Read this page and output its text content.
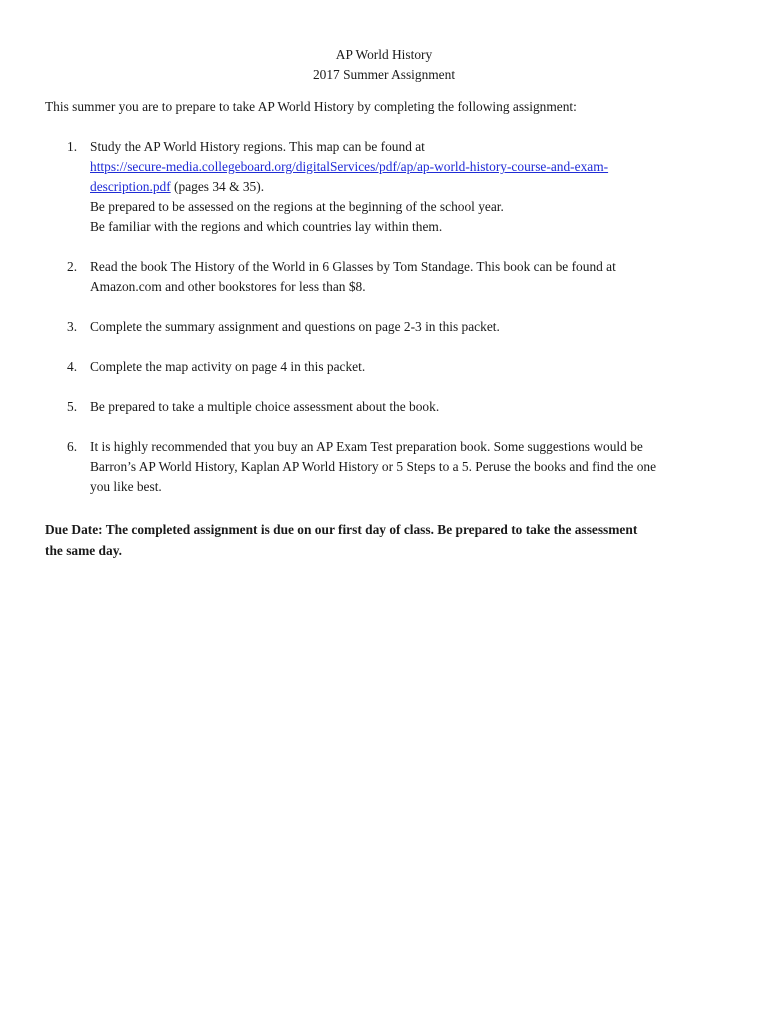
AP World History
2017 Summer Assignment
This summer you are to prepare to take AP World History by completing the following assignment:
1. Study the AP World History regions. This map can be found at
https://secure-media.collegeboard.org/digitalServices/pdf/ap/ap-world-history-course-and-exam-
description.pdf (pages 34 & 35).
Be prepared to be assessed on the regions at the beginning of the school year.
Be familiar with the regions and which countries lay within them.
2. Read the book The History of the World in 6 Glasses by Tom Standage. This book can be found at
Amazon.com and other bookstores for less than $8.
3. Complete the summary assignment and questions on page 2-3 in this packet.
4. Complete the map activity on page 4 in this packet.
5. Be prepared to take a multiple choice assessment about the book.
6. It is highly recommended that you buy an AP Exam Test preparation book. Some suggestions would be
Barron’s AP World History, Kaplan AP World History or 5 Steps to a 5. Peruse the books and find the one
you like best.
Due Date: The completed assignment is due on our first day of class. Be prepared to take the assessment
the same day.
